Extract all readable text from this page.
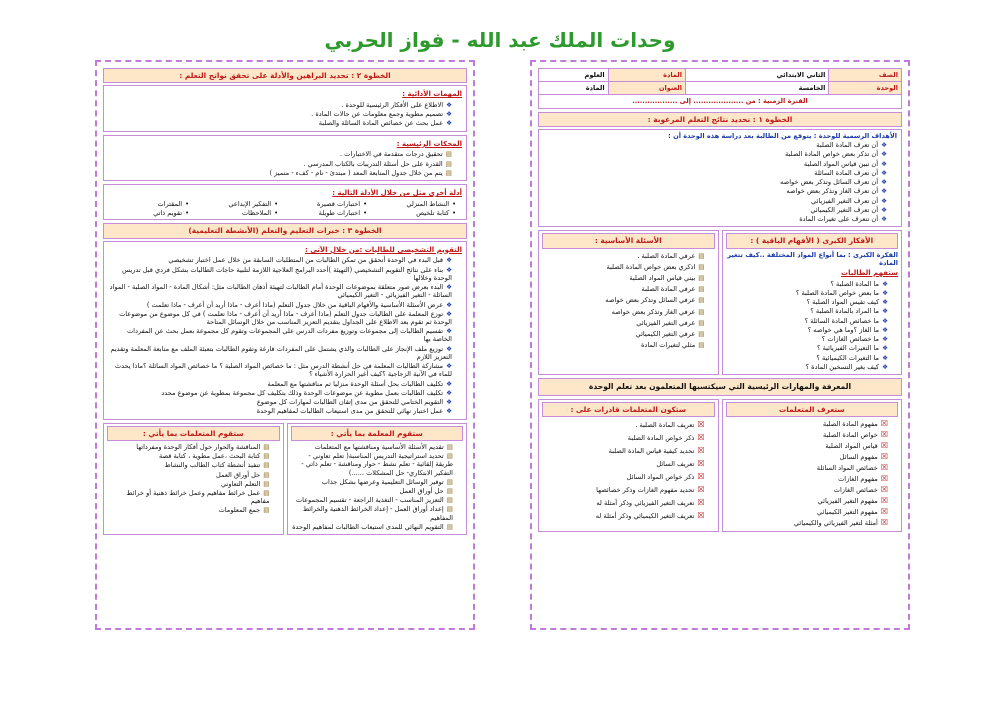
وحدات الملك عبد الله - فواز الحربي
الصف	الثاني الابتدائي	المادة	العلوم
الوحدة	الخامسة	العنوان	المادة
الفترة الزمنية : من .................... إلى ..................			
الخطوة ١ : تحديد نتائج التعلم المرغوبة :
الأهداف الرسمية للوحدة : يتوقع من الطالبة بعد دراسة هذه الوحدة أن :
❖ أن تعرف المادة الصلبة
❖ أن تذكر بعض خواص المادة الصلبة
❖ أن تبين قياس المواد الصلبة
❖ أن تعرف المادة السائلة
❖ أن تعرف السائل وتذكر بعض خواصه
❖ أن تعرف الغاز وتذكر بعض خواصه
❖ أن تعرف التغير الفيزيائي
❖ أن تعرف التغير الكيميائي
❖ أن تتعرف على تغيرات المادة
الأفكار الكبرى ( الأفهام الباقية ) :
الفكرة الكبرى : بما أنواع المواد المختلفة ..كيف تتغير المادة
ستفهم الطالبات
❖ ما المادة الصلبة ؟
❖ ما بعض خواص المادة الصلبة ؟
❖ كيف تقيس المواد الصلبة ؟
❖ ما المراد بالمادة الصلبة ؟
❖ ما خصائص المادة السائلة ؟
❖ ما الغاز ؟وما هي خواصه ؟
❖ ما خصائص الغازات ؟
❖ ما التغيرات الفيزيائية ؟
❖ ما التغيرات الكيميائية ؟
❖ كيف يغير التسخين المادة ؟
الأسئلة الأساسية :
▤ عرفي المادة الصلبة .
▤ اذكري بعض خواص المادة الصلبة
▤ بيني قياس المواد الصلبة
▤ عرفي المادة الصلبة
▤ عرفي السائل وتذكر بعض خواصه
▤ عرفي الغاز وتذكر بعض خواصه
▤ عرفي التغير الفيزيائي
▤ عرفي التغير الكيميائي
▤ مثلي لتغيرات المادة
المعرفة والمهارات الرئيسية التي سيكتسبها المتعلمون بعد تعلم الوحدة
ستعرف المتعلمات
☒ مفهوم المادة الصلبة
☒ خواص المادة الصلبة
☒ قياس المواد الصلبة
☒ مفهوم السائل
☒ خصائص المواد السائلة
☒ مفهوم الغازات
☒ خصائص الغازات
☒ مفهوم التغير الفيزيائي
☒ مفهوم التغير الكيميائي
☒ أمثلة لتغير الفيزيائي والكيميائي
ستكون المتعلمات قادرات على :
☒ تعريف المادة الصلبة .
☒ ذكر خواص المادة الصلبة
☒ تحديد كيفية قياس المادة الصلبة
☒ تعريف السائل
☒ ذكر خواص المواد السائل
☒ تحديد مفهوم الغازات وذكر خصائصها
☒ تعريف التغير الفيزيائي وذكر أمثلة له
☒ تعريف التغير الكيميائي وذكر أمثلة له
الخطوة ٢ : تحديد البراهين والأدلة على تحقق نواتج التعلم :
المهمات الأدائية :
❖ الاطلاع على الأفكار الرئيسية للوحدة .
❖ تصميم مطوية وجمع معلومات عن حالات المادة .
❖ عمل بحث عن خصائص المادة السائلة والصلبة
المحكات الرئيسية :
▤ تحقيق درجات متقدمة في الاختبارات .
▤ القدرة على حل أسئلة التدريبات بالكتاب المدرسي .
▤ يتم من خلال جدول المتابعة المعد ( مبتدئ - نام - كفء - متميز )
أدلة أخرى مثل من خلال الأدلة التالية :
• النشاط المنزلي
• اختبارات قصيرة
• التفكير الإبداعي
• المقترات
• كتابة تلخيص
• اختبارات طويلة
• الملاحظات
• تقويم ذاتي
الخطوة ٣ : خبرات التعليم والتعلم (الأنشطة التعليمية)
التقويم التشخيصي للطالبات :من خلال الآتي :
❖ قبل البدء في الوحدة أتحقق من تمكن الطالبات من المتطلبات السابقة من خلال عمل اختبار تشخيصي
❖ بناء على نتائج التقويم التشخيصي (التهيئة )أحدد البرامج العلاجية اللازمة لتلبية حاجات الطالبات بشكل فردي قبل تدريس الوحدة وخلالها
❖ البدء بعرض صور متعلقة بموضوعات الوحدة أمام الطالبات لتهيئة أذهان الطالبات مثل: أشكال المادة - المواد الصلبة - المواد السائلة - التغير الفيزيائي - التغير الكيميائي
❖ عرض الأسئلة الأساسية والأفهام الباقية من خلال جدول التعلم (ماذا أعرف - ماذا أريد أن أعرف - ماذا تعلمت )
❖ توزع المعلمة على الطالبات جدول التعلم (ماذا أعرف - ماذا أريد أن أعرف - ماذا تعلمت ) في كل موضوع من موضوعات الوحدة ثم تقوم بعد الاطلاع على الجداول بتقديم التعزيز المناسب من خلال الوسائل المتاحة
❖ تقسيم الطالبات إلى مجموعات وتوزيع مفردات الدرس على المجموعات وتقوم كل مجموعة بعمل بحث عن المفردات الخاصة بها
❖ توزيع ملف الإنجاز على الطالبات والذي يشتمل على المفردات فارغة وتقوم الطالبات بتعبئة الملف مع متابعة المعلمة وتقديم التعزيز اللازم
❖ مشاركة الطالبات المعلمة في حل أنشطة الدرس مثل : ما خصائص المواد الصلبة ؟ ما خصائص المواد السائلة ؟ماذا يحدث للماء في الآنية الزجاجية ؟كيف أغير الحرارة الأشياء ؟
❖ تكليف الطالبات بحل أسئلة الوحدة منزليا ثم مناقشتها مع المعلمة
❖ تكليف الطالبات بعمل مطوية عن موضوعات الوحدة وذلك بتكليف كل مجموعة بمطوية عن موضوع محدد
❖ التقويم الختامي للتحقق من مدى إتقان الطالبات لمهارات كل موضوع
❖ عمل اختبار نهائي للتحقق من مدى استيعاب الطالبات لمفاهيم الوحدة
ستقوم المعلمة بما يأتي :
▤ تقديم الأسئلة الأساسية ومناقشتها مع المتعلمات
▤ تحديد استراتيجية التدريس المناسبة( تعلم تعاوني - طريقة إلقائية - تعلم نشط - حوار ومناقشة - تعلم ذاتي - التفكير الابتكاري- حل المشكلات ......)
▤ توفير الوسائل التعليمية وعرضها بشكل جذاب
▤ حل أوراق العمل
▤ التعزيز المناسب - التغذية الراجعة - تقسيم المجموعات
▤ إعداد أوراق العمل - إعداد الخرائط الذهنية والخرائط المفاهيم
▤ التقويم النهائي للمدى استيعاب الطالبات لمفاهيم الوحدة
ستقوم المتعلمات بما يأتي :
▤ المناقشة والحوار حول أفكار الوحدة ومفرداتها
▤ كتابة البحث ،عمل مطوية ، كتابة قصة
▤ تنفيذ أنشطة كتاب الطالب والنشاط
▤ حل أوراق العمل
▤ التعلم التعاوني
▤ عمل خرائط مفاهيم وعمل خرائط ذهنية أو خرائط مفاهيم
▤ جمع المعلومات
